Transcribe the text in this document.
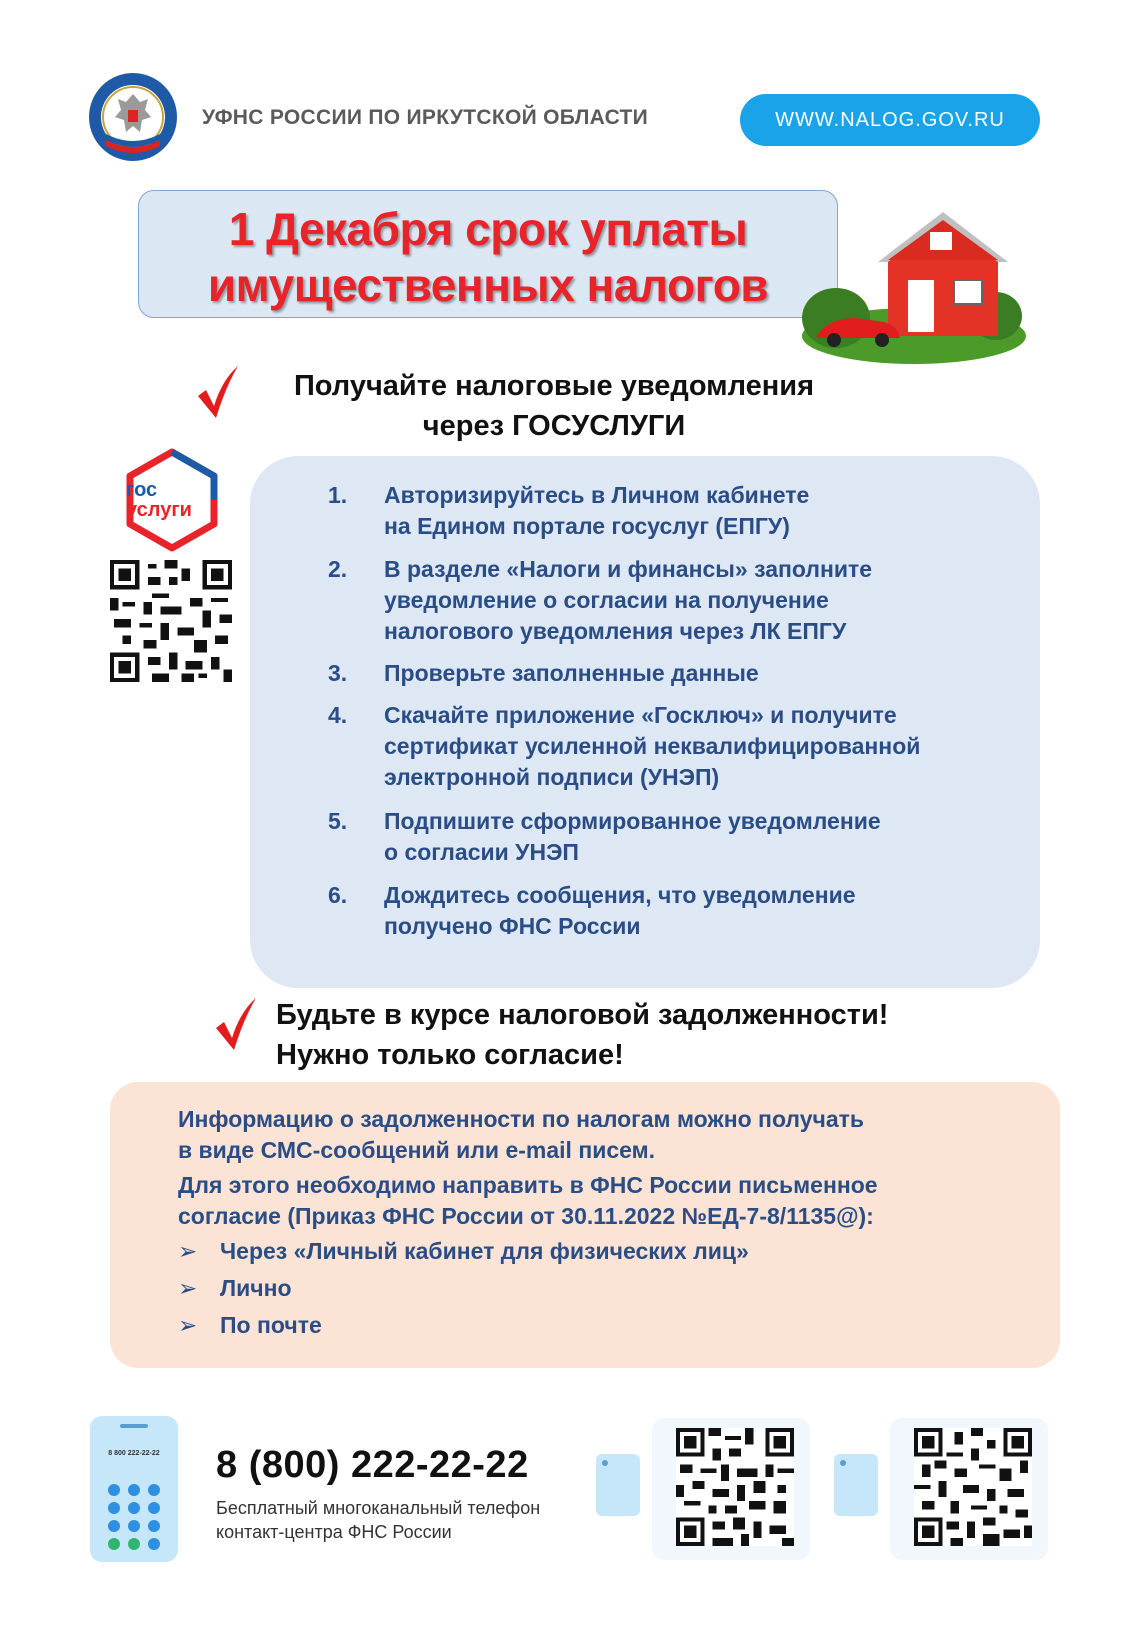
УФНС РОССИИ ПО ИРКУТСКОЙ ОБЛАСТИ	WWW.NALOG.GOV.RU
1 Декабря срок уплаты
имущественных налогов
Получайте налоговые уведомления
через ГОСУСЛУГИ
гос
услуги
1.	Авторизируйтесь в Личном кабинете
на Едином портале госуслуг (ЕПГУ)
2.	В разделе «Налоги и финансы» заполните
уведомление о согласии на получение
налогового уведомления через ЛК ЕПГУ
3.	Проверьте заполненные данные
4.	Скачайте приложение «Госключ» и получите
сертификат усиленной неквалифицированной
электронной подписи (УНЭП)
5.	Подпишите сформированное уведомление
о согласии УНЭП
6.	Дождитесь сообщения, что уведомление
получено ФНС России
Будьте в курсе налоговой задолженности!
Нужно только согласие!
Информацию о задолженности по налогам можно получать
в виде СМС-сообщений или e-mail писем.
Для этого необходимо направить в ФНС России письменное
согласие (Приказ ФНС России от 30.11.2022 №ЕД-7-8/1135@):
➢ Через «Личный кабинет для физических лиц»
➢ Лично
➢ По почте
8 800 222-22-22	8 (800) 222-22-22
Бесплатный многоканальный телефон
контакт-центра ФНС России
